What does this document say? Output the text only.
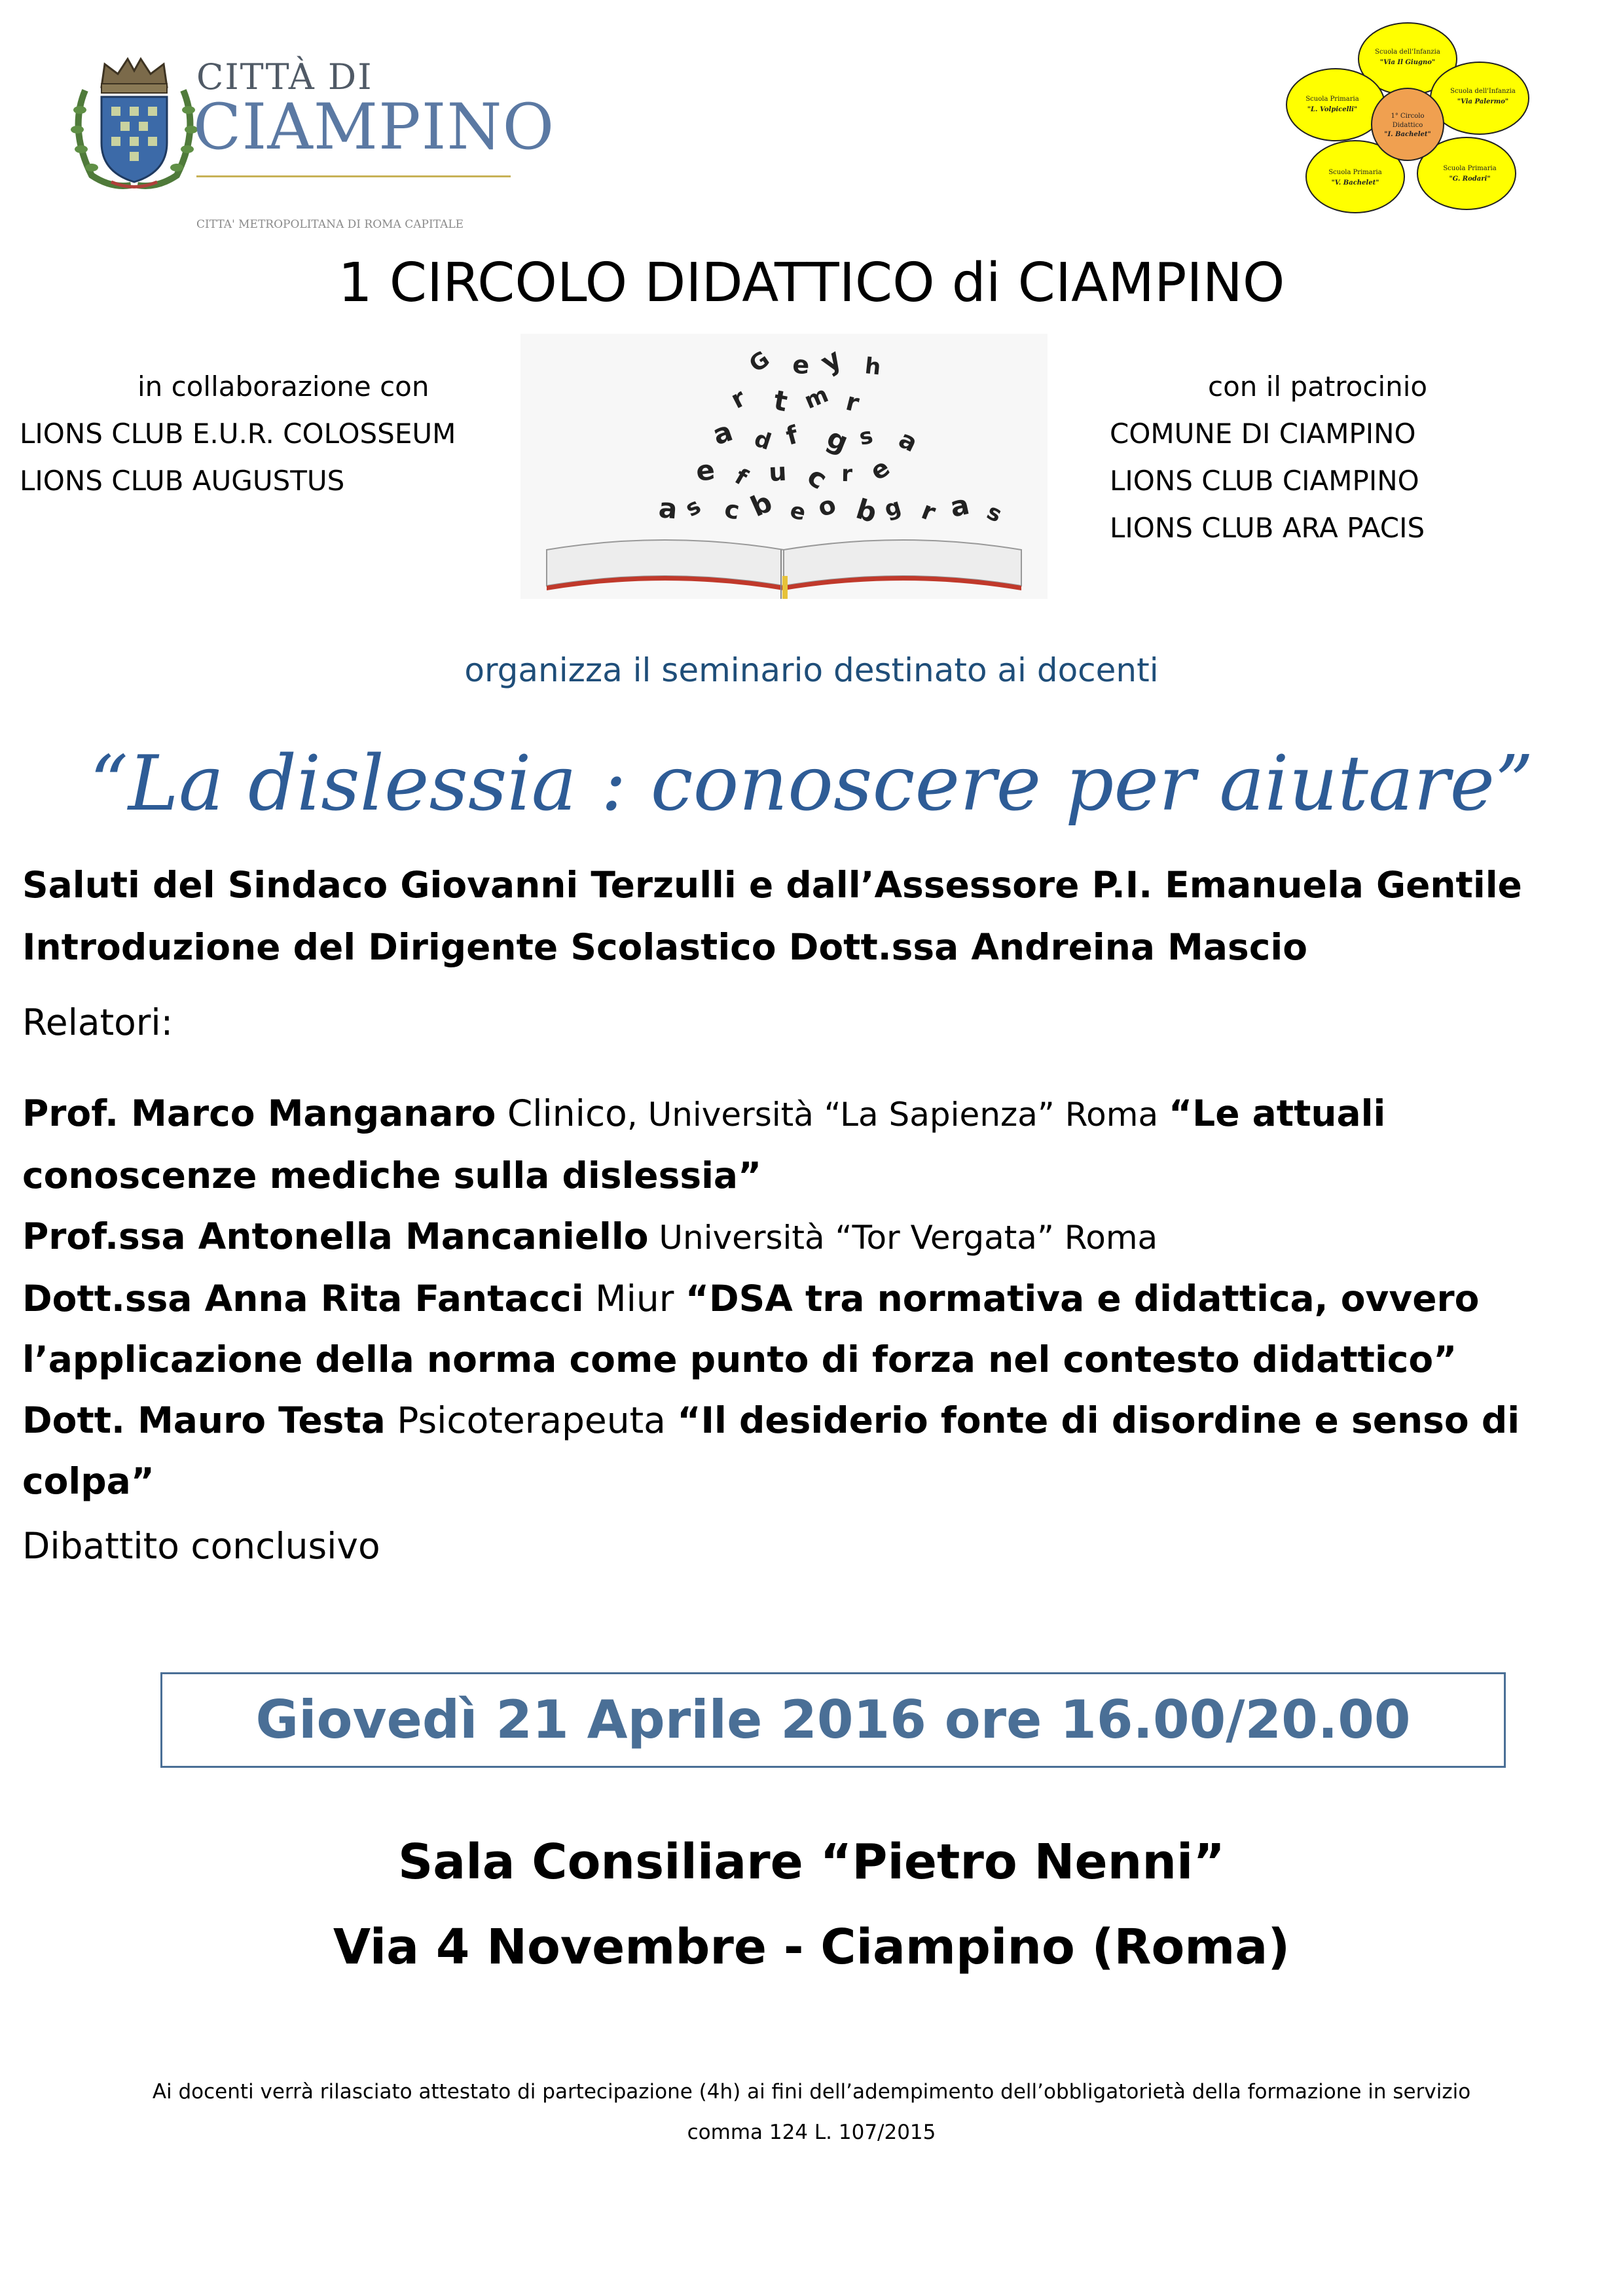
CITTÀ DI
CIAMPINO
CITTA' METROPOLITANA DI ROMA CAPITALE
Scuola dell'Infanzia
"Via Il Giugno"
Scuola dell'Infanzia
"Via Palermo"
Scuola Primaria
"G. Rodari"
Scuola Primaria
"V. Bachelet"
Scuola Primaria
"L. Volpicelli"
1° Circolo
Didattico
"I. Bachelet"
1 CIRCOLO DIDATTICO di CIAMPINO
in collaborazione con
LIONS CLUB E.U.R. COLOSSEUM
LIONS CLUB AUGUSTUS
G e y h
r t m r
a d f g s a
e f u c r e
a s c b e o b g r a s
con il patrocinio
COMUNE DI CIAMPINO
LIONS CLUB CIAMPINO
LIONS CLUB ARA PACIS
organizza il seminario destinato ai docenti
“La dislessia : conoscere per aiutare”
Saluti del Sindaco Giovanni Terzulli e dall’Assessore P.I. Emanuela Gentile
Introduzione del Dirigente Scolastico Dott.ssa Andreina Mascio
Relatori:
Prof. Marco Manganaro Clinico, Università “La Sapienza” Roma “Le attuali conoscenze mediche sulla dislessia”
Prof.ssa Antonella Mancaniello Università “Tor Vergata” Roma
Dott.ssa Anna Rita Fantacci Miur “DSA tra normativa e didattica, ovvero l’applicazione della norma come punto di forza nel contesto didattico”
Dott. Mauro Testa Psicoterapeuta “Il desiderio fonte di disordine e senso di colpa”
Dibattito conclusivo
Giovedì 21 Aprile 2016 ore 16.00/20.00
Sala Consiliare “Pietro Nenni”
Via 4 Novembre - Ciampino (Roma)
Ai docenti verrà rilasciato attestato di partecipazione (4h) ai fini dell’adempimento dell’obbligatorietà della formazione in servizio
comma 124 L. 107/2015
